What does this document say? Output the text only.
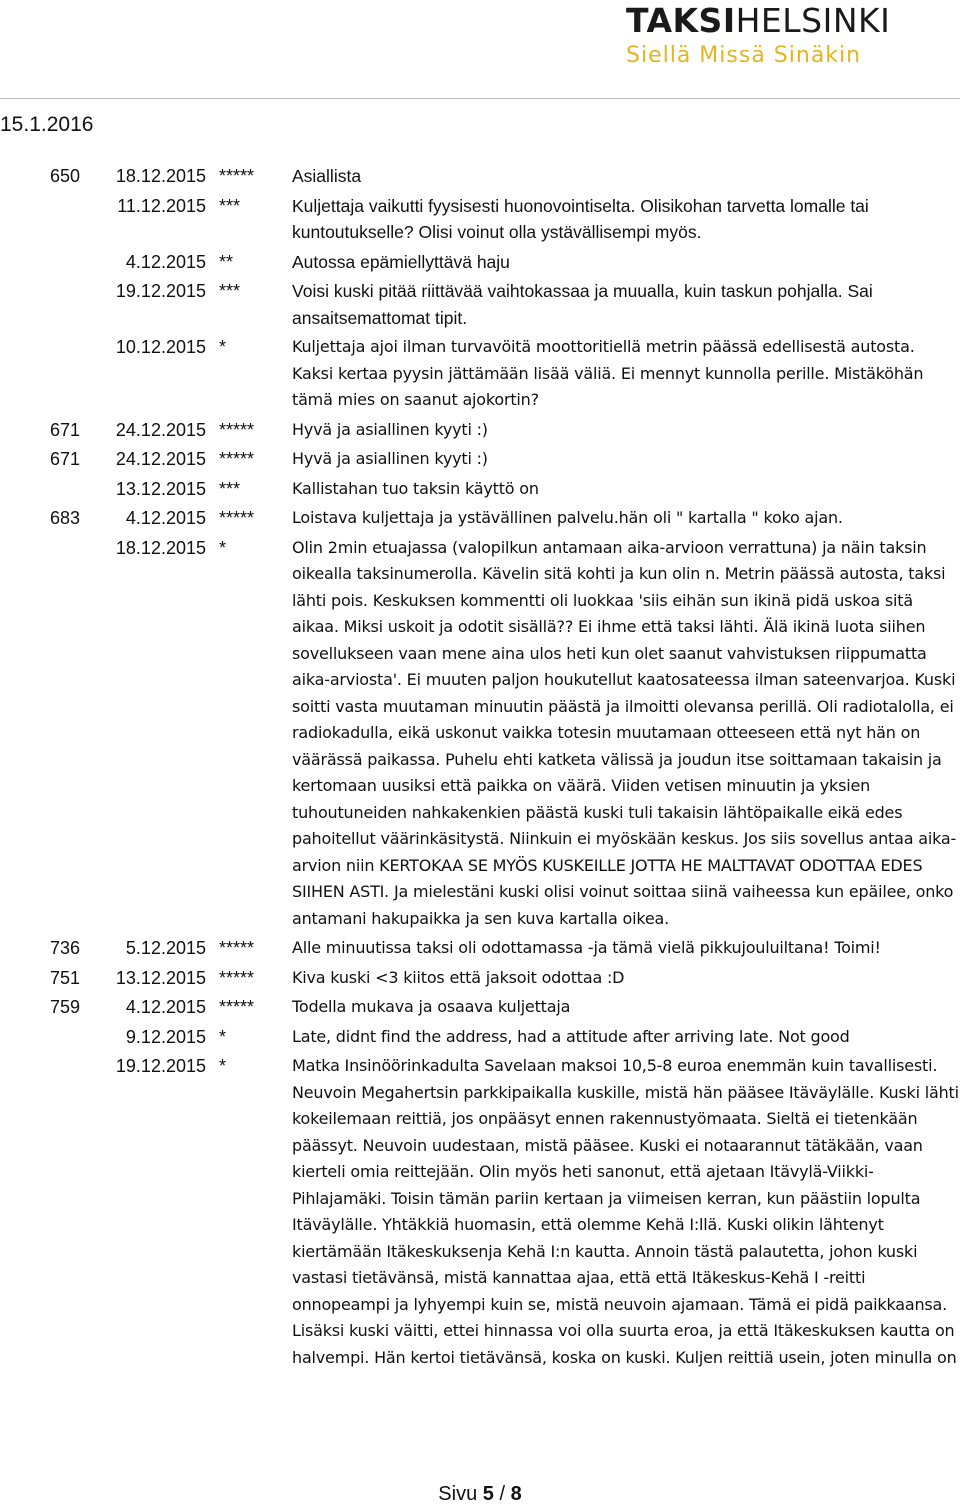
TAKSIHELSINKI
Siellä Missä Sinäkin
15.1.2016
650 18.12.2015 ***** Asiallista
11.12.2015 ***	Kuljettaja vaikutti fyysisesti huonovointiselta. Olisikohan tarvetta lomalle tai kuntoutukselle? Olisi voinut olla ystävällisempi myös.
4.12.2015 **	Autossa epämiellyttävä haju
19.12.2015 ***	Voisi kuski pitää riittävää vaihtokassaa ja muualla, kuin taskun pohjalla. Sai ansaitsemattomat tipit.
10.12.2015 *	Kuljettaja ajoi ilman turvavöitä moottoritiellä metrin päässä edellisestä autosta. Kaksi kertaa pyysin jättämään lisää väliä. Ei mennyt kunnolla perille. Mistäköhän tämä mies on saanut ajokortin?
671 24.12.2015 ***** Hyvä ja asiallinen kyyti :)
671 24.12.2015 ***** Hyvä ja asiallinen kyyti :)
13.12.2015 ***	Kallistahan tuo taksin käyttö on
683	4.12.2015 ***** Loistava kuljettaja ja ystävällinen palvelu.hän oli " kartalla " koko ajan.
18.12.2015 *	Olin 2min etuajassa (valopilkun antamaan aika-arvioon verrattuna) ja näin taksin oikealla taksinumerolla. Kävelin sitä kohti ja kun olin n. Metrin päässä autosta, taksi lähti pois. Keskuksen kommentti oli luokkaa 'siis eihän sun ikinä pidä uskoa sitä aikaa. Miksi uskoit ja odotit sisällä?? Ei ihme että taksi lähti. Älä ikinä luota siihen sovellukseen vaan mene aina ulos heti kun olet saanut vahvistuksen riippumatta aika-arviosta'. Ei muuten paljon houkutellut kaatosateessa ilman sateenvarjoa. Kuski soitti vasta muutaman minuutin päästä ja ilmoitti olevansa perillä. Oli radiotalolla, ei radiokadulla, eikä uskonut vaikka totesin muutamaan otteeseen että nyt hän on väärässä paikassa. Puhelu ehti katketa välissä ja joudun itse soittamaan takaisin ja kertomaan uusiksi että paikka on väärä. Viiden vetisen minuutin ja yksien tuhoutuneiden nahkakenkien päästä kuski tuli takaisin lähtöpaikalle eikä edes pahoitellut väärinkäsitystä. Niinkuin ei myöskään keskus. Jos siis sovellus antaa aika-arvion niin KERTOKAA SE MYÖS KUSKEILLE JOTTA HE MALTTAVAT ODOTTAA EDES SIIHEN ASTI. Ja mielestäni kuski olisi voinut soittaa siinä vaiheessa kun epäilee, onko antamani hakupaikka ja sen kuva kartalla oikea.
736	5.12.2015 ***** Alle minuutissa taksi oli odottamassa -ja tämä vielä pikkujouluiltana! Toimi!
751 13.12.2015 ***** Kiva kuski <3 kiitos että jaksoit odottaa :D
759	4.12.2015 ***** Todella mukava ja osaava kuljettaja
9.12.2015 *	Late, didnt find the address, had a attitude after arriving late. Not good
19.12.2015 *	Matka Insinöörinkadulta Savelaan maksoi 10,5-8 euroa enemmän kuin tavallisesti. Neuvoin Megahertsin parkkipaikalla kuskille, mistä hän pääsee Itäväylälle. Kuski lähti kokeilemaan reittiä, jos onpääsyt ennen rakennustyömaata. Sieltä ei tietenkään päässyt. Neuvoin uudestaan, mistä pääsee. Kuski ei notaarannut tätäkään, vaan kierteli omia reittejään. Olin myös heti sanonut, että ajetaan Itävylä-Viikki-Pihlajamäki. Toisin tämän pariin kertaan ja viimeisen kerran, kun päästiin lopulta Itäväylälle. Yhtäkkiä huomasin, että olemme Kehä I:llä. Kuski olikin lähtenyt kiertämään Itäkeskuksenja Kehä I:n kautta. Annoin tästä palautetta, johon kuski vastasi tietävänsä, mistä kannattaa ajaa, että että Itäkeskus-Kehä I -reitti onnopeampi ja lyhyempi kuin se, mistä neuvoin ajamaan. Tämä ei pidä paikkaansa. Lisäksi kuski väitti, ettei hinnassa voi olla suurta eroa, ja että Itäkeskuksen kautta on halvempi. Hän kertoi tietävänsä, koska on kuski. Kuljen reittiä usein, joten minulla on
Sivu 5 / 8
